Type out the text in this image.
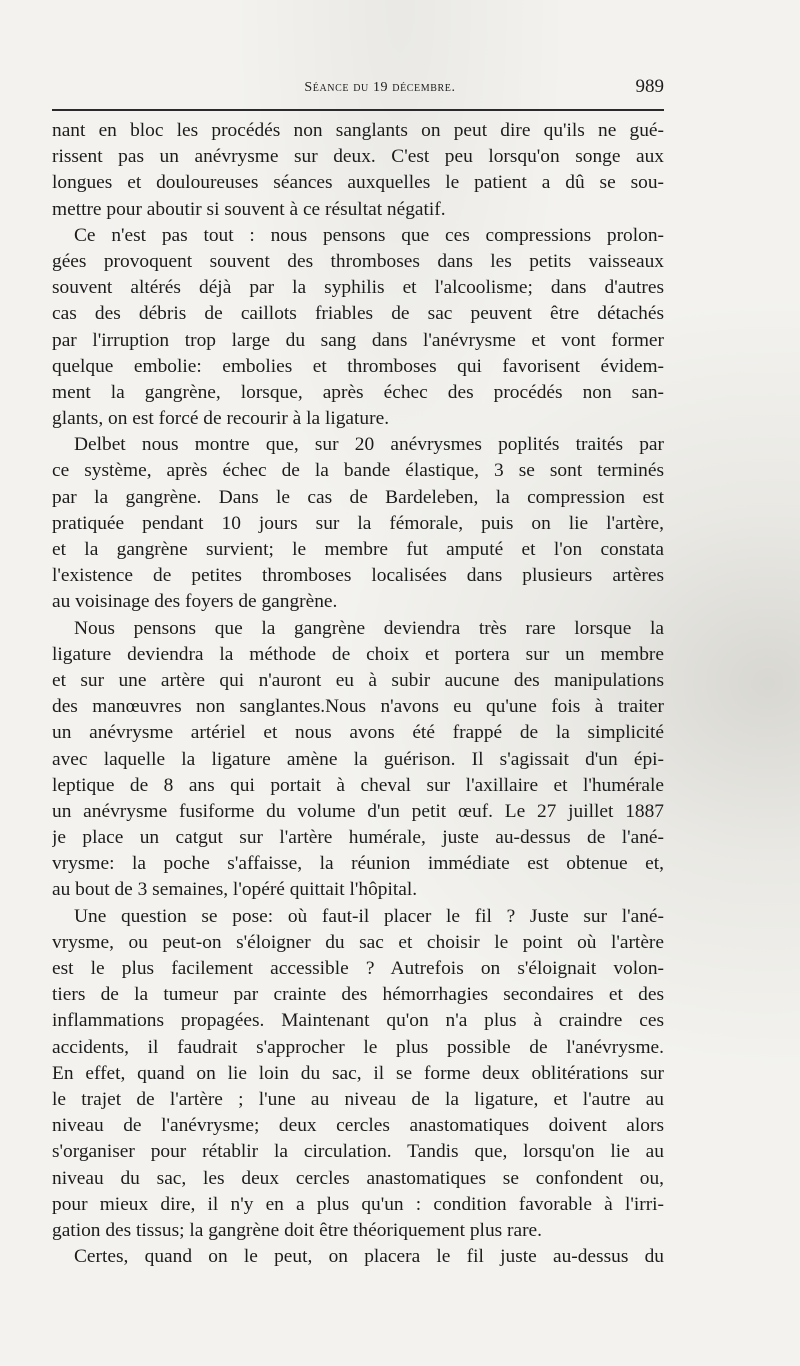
Séance du 19 décembre.	989
nant en bloc les procédés non sanglants on peut dire qu'ils ne gué-
rissent pas un anévrysme sur deux. C'est peu lorsqu'on songe aux
longues et douloureuses séances auxquelles le patient a dû se sou-
mettre pour aboutir si souvent à ce résultat négatif.
Ce n'est pas tout : nous pensons que ces compressions prolon-
gées provoquent souvent des thromboses dans les petits vaisseaux
souvent altérés déjà par la syphilis et l'alcoolisme; dans d'autres
cas des débris de caillots friables de sac peuvent être détachés
par l'irruption trop large du sang dans l'anévrysme et vont former
quelque embolie: embolies et thromboses qui favorisent évidem-
ment la gangrène, lorsque, après échec des procédés non san-
glants, on est forcé de recourir à la ligature.
Delbet nous montre que, sur 20 anévrysmes poplités traités par
ce système, après échec de la bande élastique, 3 se sont terminés
par la gangrène. Dans le cas de Bardeleben, la compression est
pratiquée pendant 10 jours sur la fémorale, puis on lie l'artère,
et la gangrène survient; le membre fut amputé et l'on constata
l'existence de petites thromboses localisées dans plusieurs artères
au voisinage des foyers de gangrène.
Nous pensons que la gangrène deviendra très rare lorsque la
ligature deviendra la méthode de choix et portera sur un membre
et sur une artère qui n'auront eu à subir aucune des manipulations
des manœuvres non sanglantes.Nous n'avons eu qu'une fois à traiter
un anévrysme artériel et nous avons été frappé de la simplicité
avec laquelle la ligature amène la guérison. Il s'agissait d'un épi-
leptique de 8 ans qui portait à cheval sur l'axillaire et l'humérale
un anévrysme fusiforme du volume d'un petit œuf. Le 27 juillet 1887
je place un catgut sur l'artère humérale, juste au-dessus de l'ané-
vrysme: la poche s'affaisse, la réunion immédiate est obtenue et,
au bout de 3 semaines, l'opéré quittait l'hôpital.
Une question se pose: où faut-il placer le fil ? Juste sur l'ané-
vrysme, ou peut-on s'éloigner du sac et choisir le point où l'artère
est le plus facilement accessible ? Autrefois on s'éloignait volon-
tiers de la tumeur par crainte des hémorrhagies secondaires et des
inflammations propagées. Maintenant qu'on n'a plus à craindre ces
accidents, il faudrait s'approcher le plus possible de l'anévrysme.
En effet, quand on lie loin du sac, il se forme deux oblitérations sur
le trajet de l'artère ; l'une au niveau de la ligature, et l'autre au
niveau de l'anévrysme; deux cercles anastomatiques doivent alors
s'organiser pour rétablir la circulation. Tandis que, lorsqu'on lie au
niveau du sac, les deux cercles anastomatiques se confondent ou,
pour mieux dire, il n'y en a plus qu'un : condition favorable à l'irri-
gation des tissus; la gangrène doit être théoriquement plus rare.
Certes, quand on le peut, on placera le fil juste au-dessus du
